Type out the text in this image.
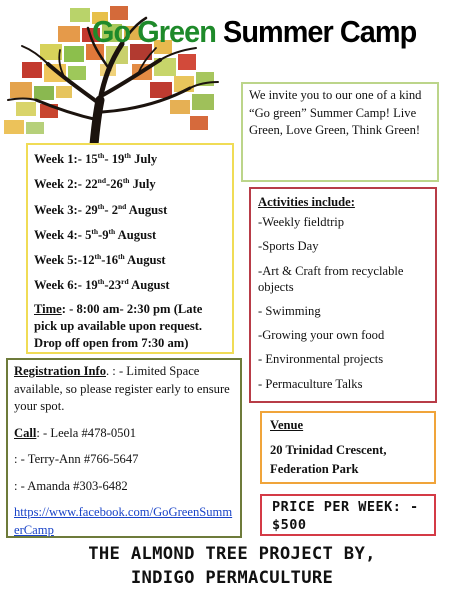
Go Green Summer Camp
We invite you to our one of a kind “Go green” Summer Camp! Live Green, Love Green, Think Green!
Week 1:- 15th- 19th July
Week 2:- 22nd-26th July
Week 3:- 29th- 2nd August
Week 4:- 5th-9th August
Week 5:-12th-16th August
Week 6:- 19th-23rd August
Time: - 8:00 am- 2:30 pm (Late pick up available upon request. Drop off open from 7:30 am)
Activities include:
-Weekly fieldtrip
-Sports Day
-Art & Craft from recyclable objects
- Swimming
-Growing your own food
- Environmental projects
- Permaculture Talks
Registration Info. : - Limited Space available, so please register early to ensure your spot.
Call: - Leela #478-0501
: - Terry-Ann #766-5647
: - Amanda #303-6482
https://www.facebook.com/GoGreenSummerCamp
Venue
20 Trinidad Crescent, Federation Park
PRICE PER WEEK: - $500
THE ALMOND TREE PROJECT BY,
INDIGO PERMACULTURE
